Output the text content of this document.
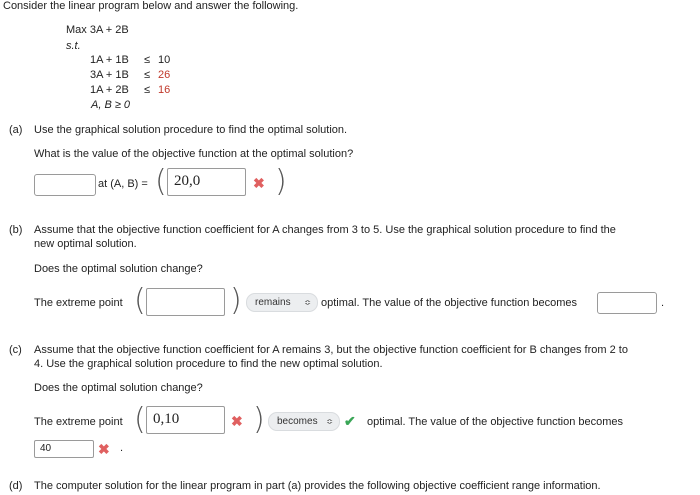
Consider the linear program below and answer the following.
Max 3A + 2B
s.t.
1A + 1B ≤ 10
3A + 1B ≤ 26
1A + 2B ≤ 16
A, B ≥ 0
(a) Use the graphical solution procedure to find the optimal solution.
What is the value of the objective function at the optimal solution?
at (A, B) = ( 20,0	✖ )
(b) Assume that the objective function coefficient for A changes from 3 to 5. Use the graphical solution procedure to find the
new optimal solution.
Does the optimal solution change?
The extreme point (	)	remains ≎ optimal. The value of the objective function becomes	.
(c) Assume that the objective function coefficient for A remains 3, but the objective function coefficient for B changes from 2 to
4. Use the graphical solution procedure to find the new optimal solution.
Does the optimal solution change?
The extreme point ( 0,10	✖ )	becomes ≎ ✔ optimal. The value of the objective function becomes
40	✖ .
(d) The computer solution for the linear program in part (a) provides the following objective coefficient range information.
